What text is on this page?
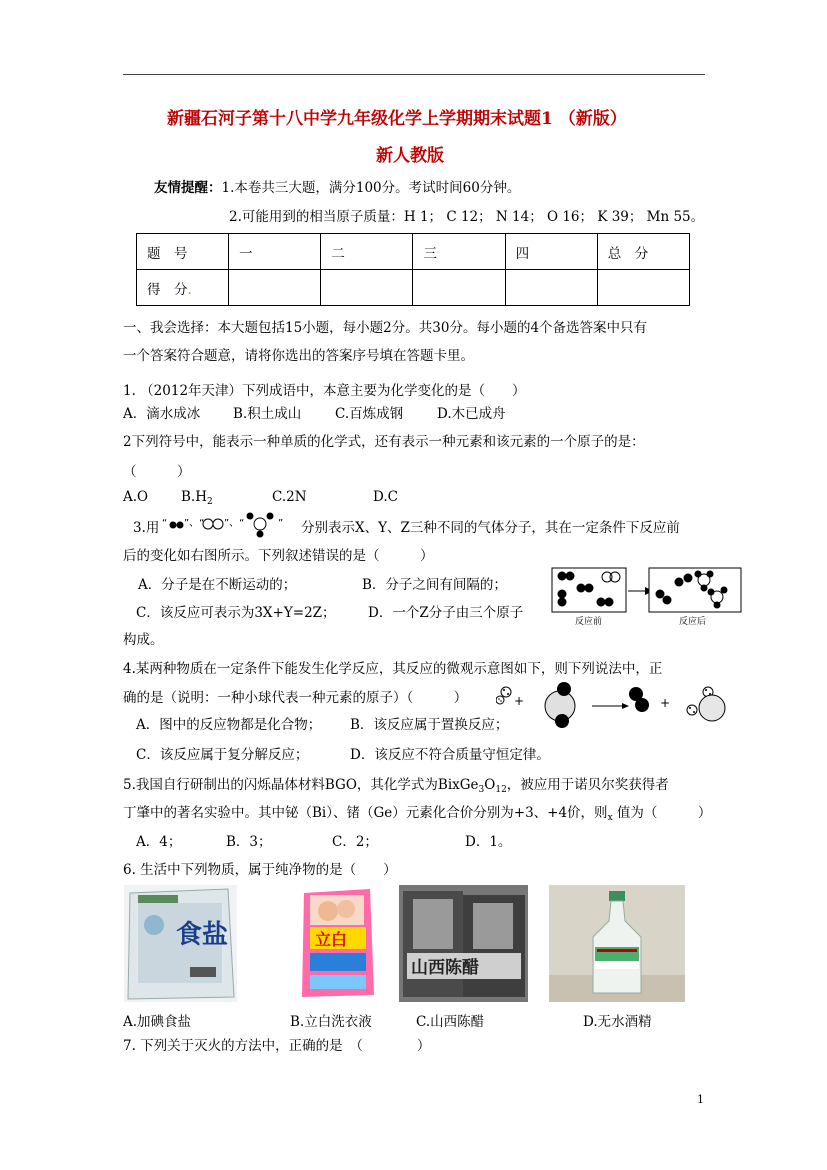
新疆石河子第十八中学九年级化学上学期期末试题1 （新版）
新人教版
友情提醒：1.本卷共三大题，满分100分。考试时间60分钟。
2.可能用到的相当原子质量：H 1； C 12； N 14； O 16； K 39； Mn 55。
题　号	一	二	三	四	总　分
得　分.					
一、我会选择：本大题包括15小题，每小题2分。共30分。每小题的4个备选答案中只有
一个答案符合题意，请将你选出的答案序号填在答题卡里。
1. （2012年天津）下列成语中，本意主要为化学变化的是（　　）
A．滴水成冰 B.积土成山	C.百炼成钢	D.木已成舟
2下列符号中，能表示一种单质的化学式，还有表示一种元素和该元素的一个原子的是：
（　　　）
A.O $B.H_2$	C.2N	D.C
3.用 “ ”、“ ”、“	” 分别表示X、Y、Z三种不同的气体分子，其在一定条件下反应前
后的变化如右图所示。下列叙述错误的是（　　　）
A．分子是在不断运动的；	B．分子之间有间隔的；
C．该反应可表示为3X+Y=2Z； D．一个Z分子由三个原子
构成。
反应前	反应后
4.某两种物质在一定条件下能发生化学反应，其反应的微观示意图如下，则下列说法中，正
确的是（说明：一种小球代表一种元素的原子）（　　　）
A．图中的反应物都是化合物； B．该反应属于置换反应；
C．该反应属于复分解反应；	D．该反应不符合质量守恒定律。
+	+
5.我国自行研制出的闪烁晶体材料BGO，其化学式为$BixGe_3O_{12}$，被应用于诺贝尔奖获得者
丁肇中的著名实验中。其中铋（Bi）、锗（Ge）元素化合价分别为+3、+4价，则$_x$ 值为（　　　）
A．4；	B．3；	C．2；	D．1。
6. 生活中下列物质，属于纯净物的是（　　）
食盐	立白
山西陈醋
A.加碘食盐	B.立白洗衣液	C.山西陈醋	D.无水酒精
7. 下列关于灭火的方法中，正确的是　（　　　　）
1
